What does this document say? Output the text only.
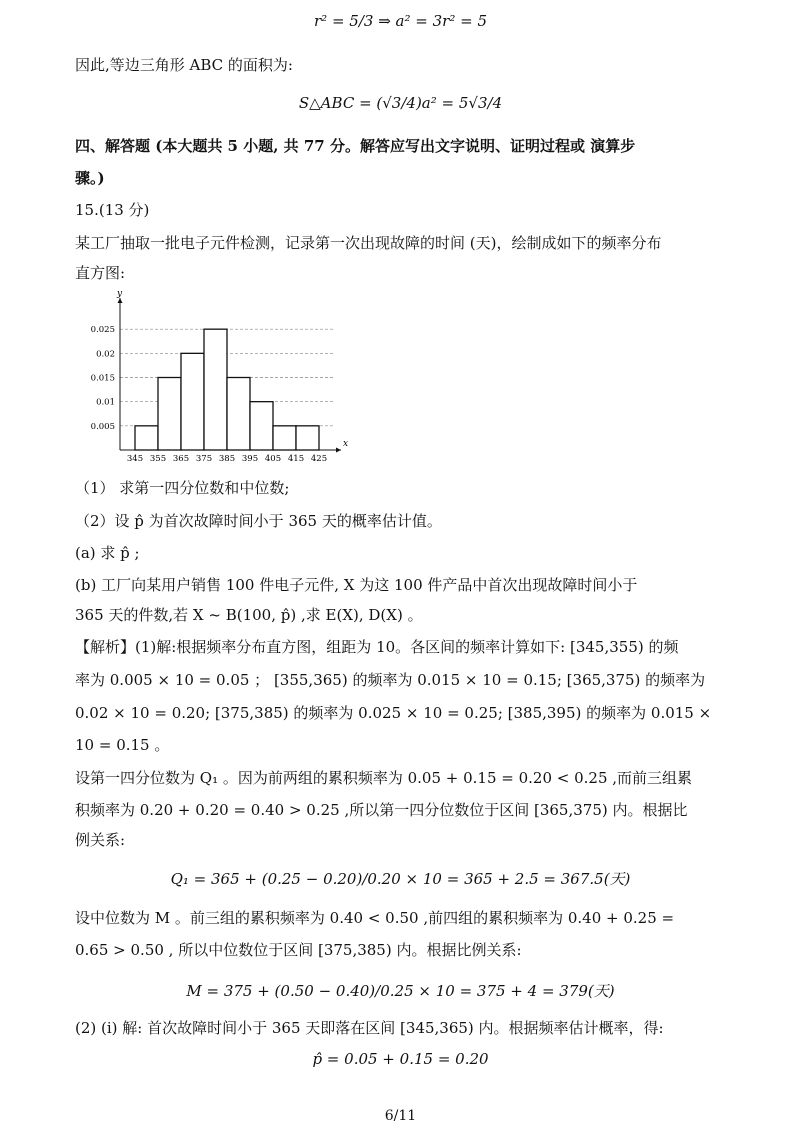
r² = 5/3 ⇒ a² = 3r² = 5
因此,等边三角形 ABC 的面积为:
S△ABC = (√3/4)a² = 5√3/4
四、解答题 (本大题共 5 小题, 共 77 分。解答应写出文字说明、证明过程或 演算步
骤。)
15.(13 分)
某工厂抽取一批电子元件检测，记录第一次出现故障的时间 (天)，绘制成如下的频率分布
直方图:
0.005
0.01
0.015
0.02
0.025
345 355 365 375 385 395 405 415 425
x
y
（1） 求第一四分位数和中位数;
（2）设 p̂ 为首次故障时间小于 365 天的概率估计值。
(a) 求 p̂ ;
(b) 工厂向某用户销售 100 件电子元件, X 为这 100 件产品中首次出现故障时间小于
365 天的件数,若 X ~ B(100, p̂) ,求 E(X), D(X) 。
【解析】(1)解:根据频率分布直方图，组距为 10。各区间的频率计算如下: [345,355) 的频
率为 0.005 × 10 = 0.05 ； [355,365) 的频率为 0.015 × 10 = 0.15; [365,375) 的频率为
0.02 × 10 = 0.20; [375,385) 的频率为 0.025 × 10 = 0.25; [385,395) 的频率为 0.015 ×
10 = 0.15 。
设第一四分位数为 Q₁ 。因为前两组的累积频率为 0.05 + 0.15 = 0.20 < 0.25 ,而前三组累
积频率为 0.20 + 0.20 = 0.40 > 0.25 ,所以第一四分位数位于区间 [365,375) 内。根据比
例关系:
Q₁ = 365 + (0.25 − 0.20)/0.20 × 10 = 365 + 2.5 = 367.5(天)
设中位数为 M 。前三组的累积频率为 0.40 < 0.50 ,前四组的累积频率为 0.40 + 0.25 =
0.65 > 0.50 , 所以中位数位于区间 [375,385) 内。根据比例关系:
M = 375 + (0.50 − 0.40)/0.25 × 10 = 375 + 4 = 379(天)
(2) (i) 解: 首次故障时间小于 365 天即落在区间 [345,365) 内。根据频率估计概率，得:
p̂ = 0.05 + 0.15 = 0.20
6/11
